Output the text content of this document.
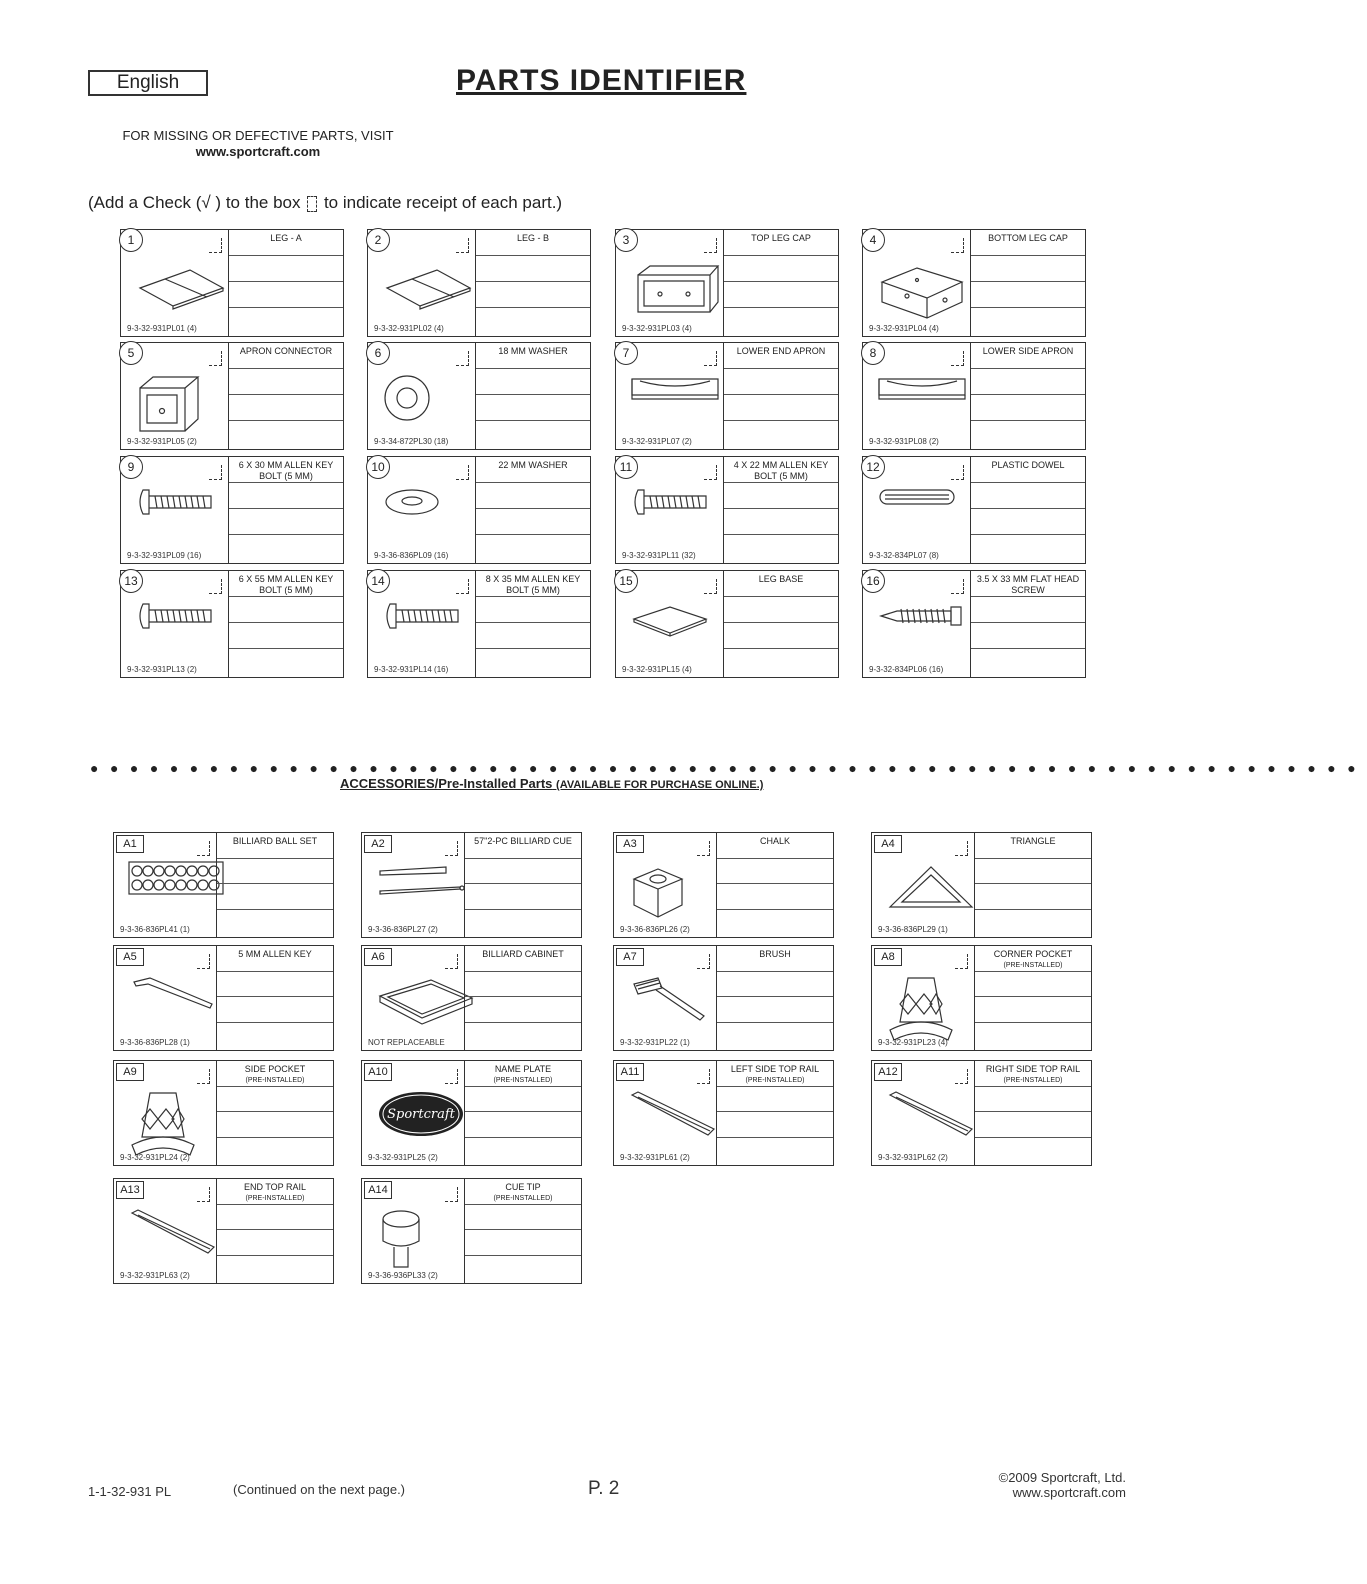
English	PARTS IDENTIFIER
FOR MISSING OR DEFECTIVE PARTS, VISIT
www.sportcraft.com
(Add a Check (√ ) to the box to indicate receipt of each part.)
1
9-3-32-931PL01 (4)
LEG - A	2
9-3-32-931PL02 (4)
LEG - B	3
9-3-32-931PL03 (4)
TOP LEG CAP	4
9-3-32-931PL04 (4)
BOTTOM LEG CAP
5
9-3-32-931PL05 (2)
APRON CONNECTOR	6
9-3-34-872PL30 (18)
18 MM WASHER	7
9-3-32-931PL07 (2)
LOWER END APRON	8
9-3-32-931PL08 (2)
LOWER SIDE APRON
9
9-3-32-931PL09 (16)
6 X 30 MM ALLEN KEY BOLT (5 MM)
10
9-3-36-836PL09 (16)
22 MM WASHER	11
9-3-32-931PL11 (32)
4 X 22 MM ALLEN KEY BOLT (5 MM)
12
9-3-32-834PL07 (8)
PLASTIC DOWEL
13
9-3-32-931PL13 (2)
6 X 55 MM ALLEN KEY BOLT (5 MM)
14
9-3-32-931PL14 (16)
8 X 35 MM ALLEN KEY BOLT (5 MM)
15
9-3-32-931PL15 (4)
LEG BASE	16
9-3-32-834PL06 (16)
3.5 X 33 MM FLAT HEAD SCREW
●●●●●●●●●●●●●●●●●●●●●●●●●●●●●●●●●●●●●●●●●●●●●●●●●●●●●●●●●●●●●●●●
ACCESSORIES/Pre-Installed Parts (AVAILABLE FOR PURCHASE ONLINE.)
A1
9-3-36-836PL41 (1)
BILLIARD BALL SET	A2
9-3-36-836PL27 (2)
57"2-PC BILLIARD CUE	A3
9-3-36-836PL26 (2)
CHALK	A4
9-3-36-836PL29 (1)
TRIANGLE
A5
9-3-36-836PL28 (1)
5 MM ALLEN KEY	A6
NOT REPLACEABLE
BILLIARD CABINET	A7
9-3-32-931PL22 (1)
BRUSH	A8
9-3-32-931PL23 (4)
CORNER POCKET
(PRE-INSTALLED)
A9
9-3-32-931PL24 (2)
SIDE POCKET
(PRE-INSTALLED)
A10
Sportcraft
9-3-32-931PL25 (2)
NAME PLATE
(PRE-INSTALLED)
A11
9-3-32-931PL61 (2)
LEFT SIDE TOP RAIL
(PRE-INSTALLED)
A12
9-3-32-931PL62 (2)
RIGHT SIDE TOP RAIL
(PRE-INSTALLED)
A13
9-3-32-931PL63 (2)
END TOP RAIL
(PRE-INSTALLED)
A14
9-3-36-936PL33 (2)
CUE TIP
(PRE-INSTALLED)
1-1-32-931 PL	(Continued on the next page.)	P. 2
©2009 Sportcraft, Ltd.
www.sportcraft.com
